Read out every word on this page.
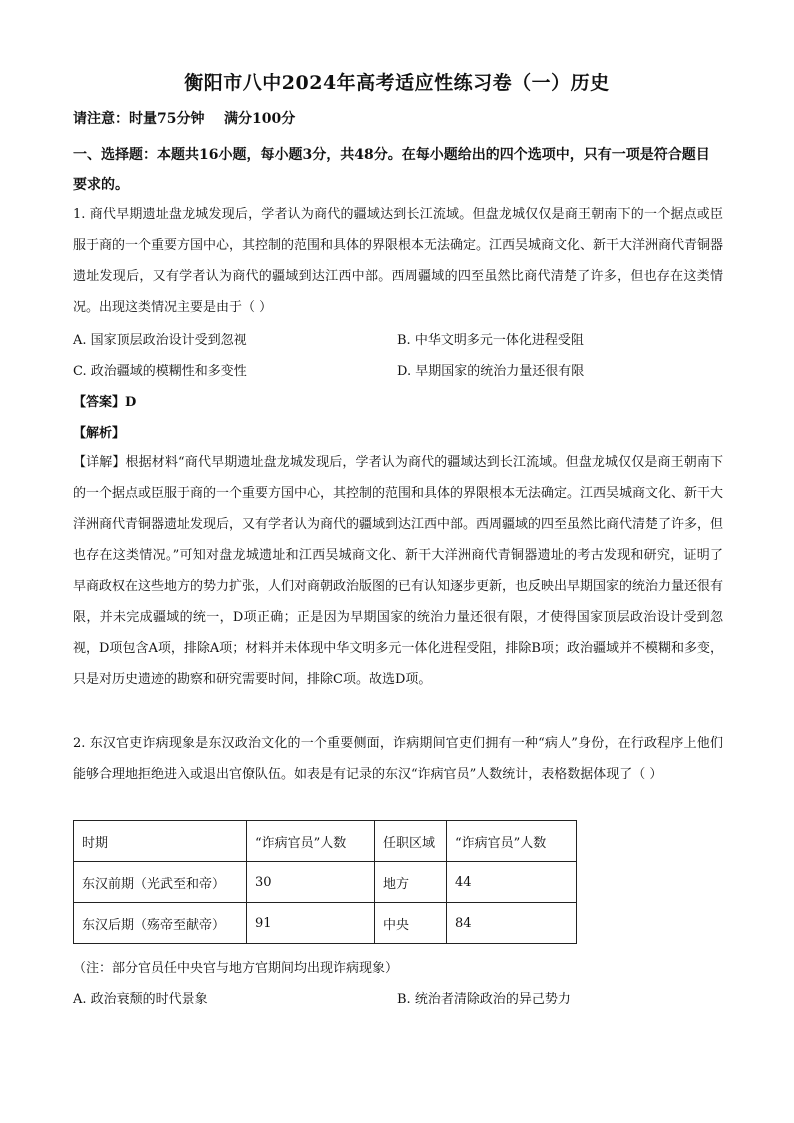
衡阳市八中2024年高考适应性练习卷（一）历史
请注意：时量75分钟    满分100分
一、选择题：本题共16小题，每小题3分，共48分。在每小题给出的四个选项中，只有一项是符合题目要求的。
1. 商代早期遗址盘龙城发现后，学者认为商代的疆域达到长江流域。但盘龙城仅仅是商王朝南下的一个据点或臣服于商的一个重要方国中心，其控制的范围和具体的界限根本无法确定。江西吴城商文化、新干大洋洲商代青铜器遗址发现后，又有学者认为商代的疆域到达江西中部。西周疆域的四至虽然比商代清楚了许多，但也存在这类情况。出现这类情况主要是由于（ ）
A. 国家顶层政治设计受到忽视	B. 中华文明多元一体化进程受阻
C. 政治疆域的模糊性和多变性	D. 早期国家的统治力量还很有限
【答案】D
【解析】
【详解】根据材料“商代早期遗址盘龙城发现后，学者认为商代的疆域达到长江流域。但盘龙城仅仅是商王朝南下的一个据点或臣服于商的一个重要方国中心，其控制的范围和具体的界限根本无法确定。江西吴城商文化、新干大洋洲商代青铜器遗址发现后，又有学者认为商代的疆域到达江西中部。西周疆域的四至虽然比商代清楚了许多，但也存在这类情况。”可知对盘龙城遗址和江西吴城商文化、新干大洋洲商代青铜器遗址的考古发现和研究，证明了早商政权在这些地方的势力扩张，人们对商朝政治版图的已有认知逐步更新，也反映出早期国家的统治力量还很有限，并未完成疆域的统一，D项正确；正是因为早期国家的统治力量还很有限，才使得国家顶层政治设计受到忽视，D项包含A项，排除A项；材料并未体现中华文明多元一体化进程受阻，排除B项；政治疆域并不模糊和多变，只是对历史遗迹的勘察和研究需要时间，排除C项。故选D项。
2. 东汉官吏诈病现象是东汉政治文化的一个重要侧面，诈病期间官吏们拥有一种“病人”身份，在行政程序上他们能够合理地拒绝进入或退出官僚队伍。如表是有记录的东汉“诈病官员”人数统计，表格数据体现了（ ）
时期	“诈病官员”人数	任职区域	“诈病官员”人数
东汉前期（光武至和帝）	30	地方	44
东汉后期（殇帝至献帝）	91	中央	84
（注：部分官员任中央官与地方官期间均出现诈病现象）
A. 政治衰颓的时代景象	B. 统治者清除政治的异己势力
